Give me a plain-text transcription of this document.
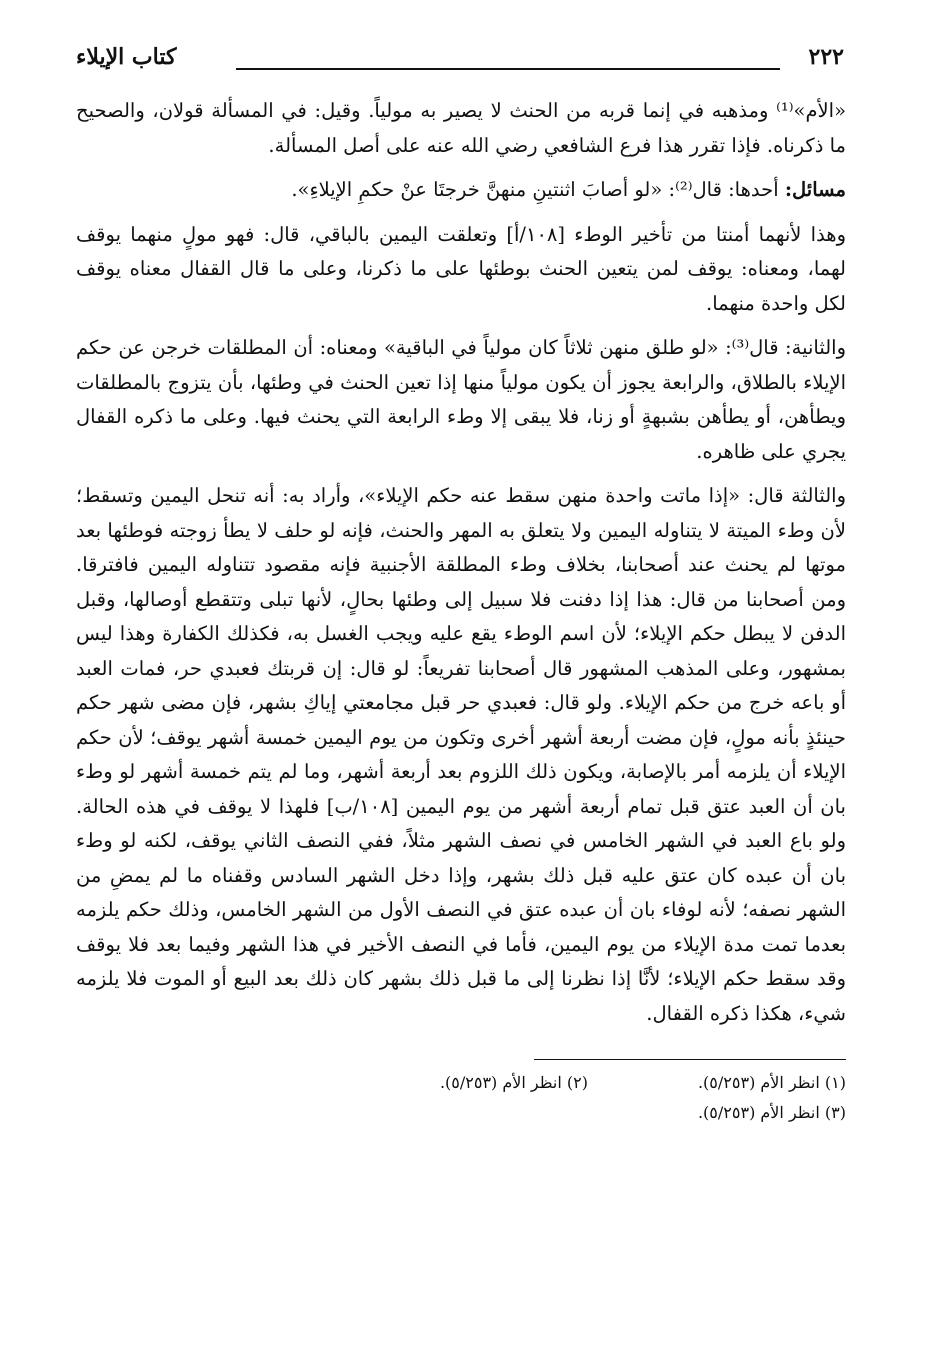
٢٢٢
كتاب الإيلاء

«الأم»⁽¹⁾ ومذهبه في إنما قربه من الحنث لا يصير به مولياً. وقيل: في المسألة قولان، والصحيح ما ذكرناه. فإذا تقرر هذا فرع الشافعي رضي الله عنه على أصل المسألة.

مسائل: أحدها: قال⁽²⁾: «لو أصابَ اثنتينِ منهنَّ خرجتَا عنْ حكمِ الإيلاءِ».

وهذا لأنهما أمنتا من تأخير الوطء [١٠٨/أ] وتعلقت اليمين بالباقي، قال: فهو مولٍ منهما يوقف لهما، ومعناه: يوقف لمن يتعين الحنث بوطئها على ما ذكرنا، وعلى ما قال القفال معناه يوقف لكل واحدة منهما.

والثانية: قال⁽³⁾: «لو طلق منهن ثلاثاً كان مولياً في الباقية» ومعناه: أن المطلقات خرجن عن حكم الإيلاء بالطلاق، والرابعة يجوز أن يكون مولياً منها إذا تعين الحنث في وطئها، بأن يتزوج بالمطلقات ويطأهن، أو يطأهن بشبهةٍ أو زنا، فلا يبقى إلا وطء الرابعة التي يحنث فيها. وعلى ما ذكره القفال يجري على ظاهره.

والثالثة قال: «إذا ماتت واحدة منهن سقط عنه حكم الإيلاء»، وأراد به: أنه تنحل اليمين وتسقط؛ لأن وطء الميتة لا يتناوله اليمين ولا يتعلق به المهر والحنث، فإنه لو حلف لا يطأ زوجته فوطئها بعد موتها لم يحنث عند أصحابنا، بخلاف وطء المطلقة الأجنبية فإنه مقصود تتناوله اليمين فافترقا. ومن أصحابنا من قال: هذا إذا دفنت فلا سبيل إلى وطئها بحالٍ، لأنها تبلى وتتقطع أوصالها، وقبل الدفن لا يبطل حكم الإيلاء؛ لأن اسم الوطء يقع عليه ويجب الغسل به، فكذلك الكفارة وهذا ليس بمشهور، وعلى المذهب المشهور قال أصحابنا تفريعاً: لو قال: إن قربتك فعبدي حر، فمات العبد أو باعه خرج من حكم الإيلاء. ولو قال: فعبدي حر قبل مجامعتي إياكِ بشهر، فإن مضى شهر حكم حينئذٍ بأنه مولٍ، فإن مضت أربعة أشهر أخرى وتكون من يوم اليمين خمسة أشهر يوقف؛ لأن حكم الإيلاء أن يلزمه أمر بالإصابة، ويكون ذلك اللزوم بعد أربعة أشهر، وما لم يتم خمسة أشهر لو وطء بان أن العبد عتق قبل تمام أربعة أشهر من يوم اليمين [١٠٨/ب] فلهذا لا يوقف في هذه الحالة. ولو باع العبد في الشهر الخامس في نصف الشهر مثلاً، ففي النصف الثاني يوقف، لكنه لو وطء بان أن عبده كان عتق عليه قبل ذلك بشهر، وإذا دخل الشهر السادس وقفناه ما لم يمضِ من الشهر نصفه؛ لأنه لوفاء بان أن عبده عتق في النصف الأول من الشهر الخامس، وذلك حكم يلزمه بعدما تمت مدة الإيلاء من يوم اليمين، فأما في النصف الأخير في هذا الشهر وفيما بعد فلا يوقف وقد سقط حكم الإيلاء؛ لأنَّا إذا نظرنا إلى ما قبل ذلك بشهر كان ذلك بعد البيع أو الموت فلا يلزمه شيء، هكذا ذكره القفال.

(١) انظر الأم (٥/٢٥٣).
(٢) انظر الأم (٥/٢٥٣).
(٣) انظر الأم (٥/٢٥٣).
